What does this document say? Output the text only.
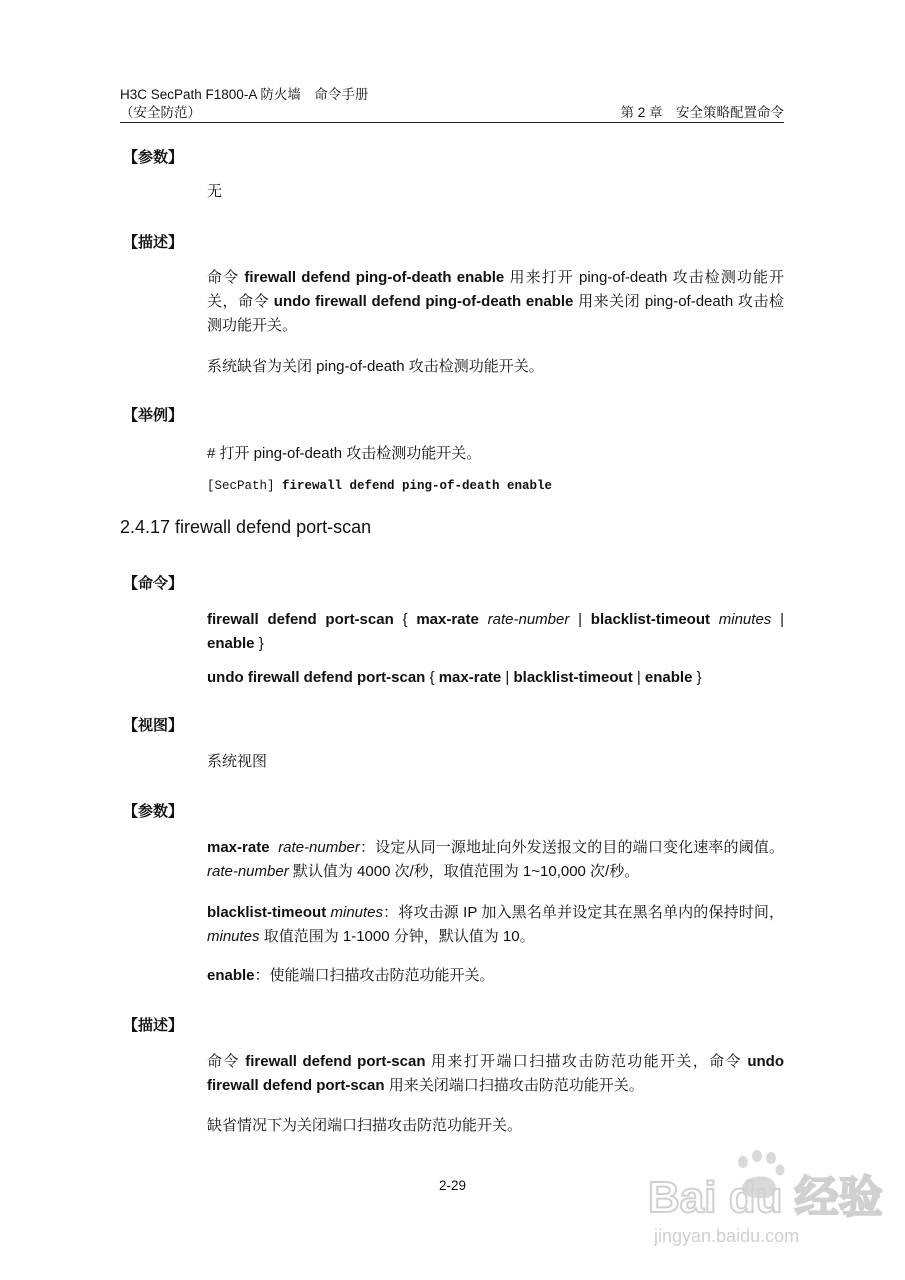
H3C SecPath F1800-A 防火墙　命令手册
（安全防范）	第 2 章　安全策略配置命令
【参数】
无
【描述】
命令 firewall defend ping-of-death enable 用来打开 ping-of-death 攻击检测功能开关，命令 undo firewall defend ping-of-death enable 用来关闭 ping-of-death 攻击检测功能开关。
系统缺省为关闭 ping-of-death 攻击检测功能开关。
【举例】
# 打开 ping-of-death 攻击检测功能开关。
[SecPath] firewall defend ping-of-death enable
2.4.17 firewall defend port-scan
【命令】
firewall defend port-scan { max-rate rate-number | blacklist-timeout minutes | enable }
undo firewall defend port-scan { max-rate | blacklist-timeout | enable }
【视图】
系统视图
【参数】
max-rate rate-number：设定从同一源地址向外发送报文的目的端口变化速率的阈值。rate-number 默认值为 4000 次/秒，取值范围为 1~10,000 次/秒。
blacklist-timeout minutes：将攻击源 IP 加入黑名单并设定其在黑名单内的保持时间，minutes 取值范围为 1-1000 分钟，默认值为 10。
enable：使能端口扫描攻击防范功能开关。
【描述】
命令 firewall defend port-scan 用来打开端口扫描攻击防范功能开关，命令 undo firewall defend port-scan 用来关闭端口扫描攻击防范功能开关。
缺省情况下为关闭端口扫描攻击防范功能开关。
2-29	Bai du 经验
jingyan.baidu.com
